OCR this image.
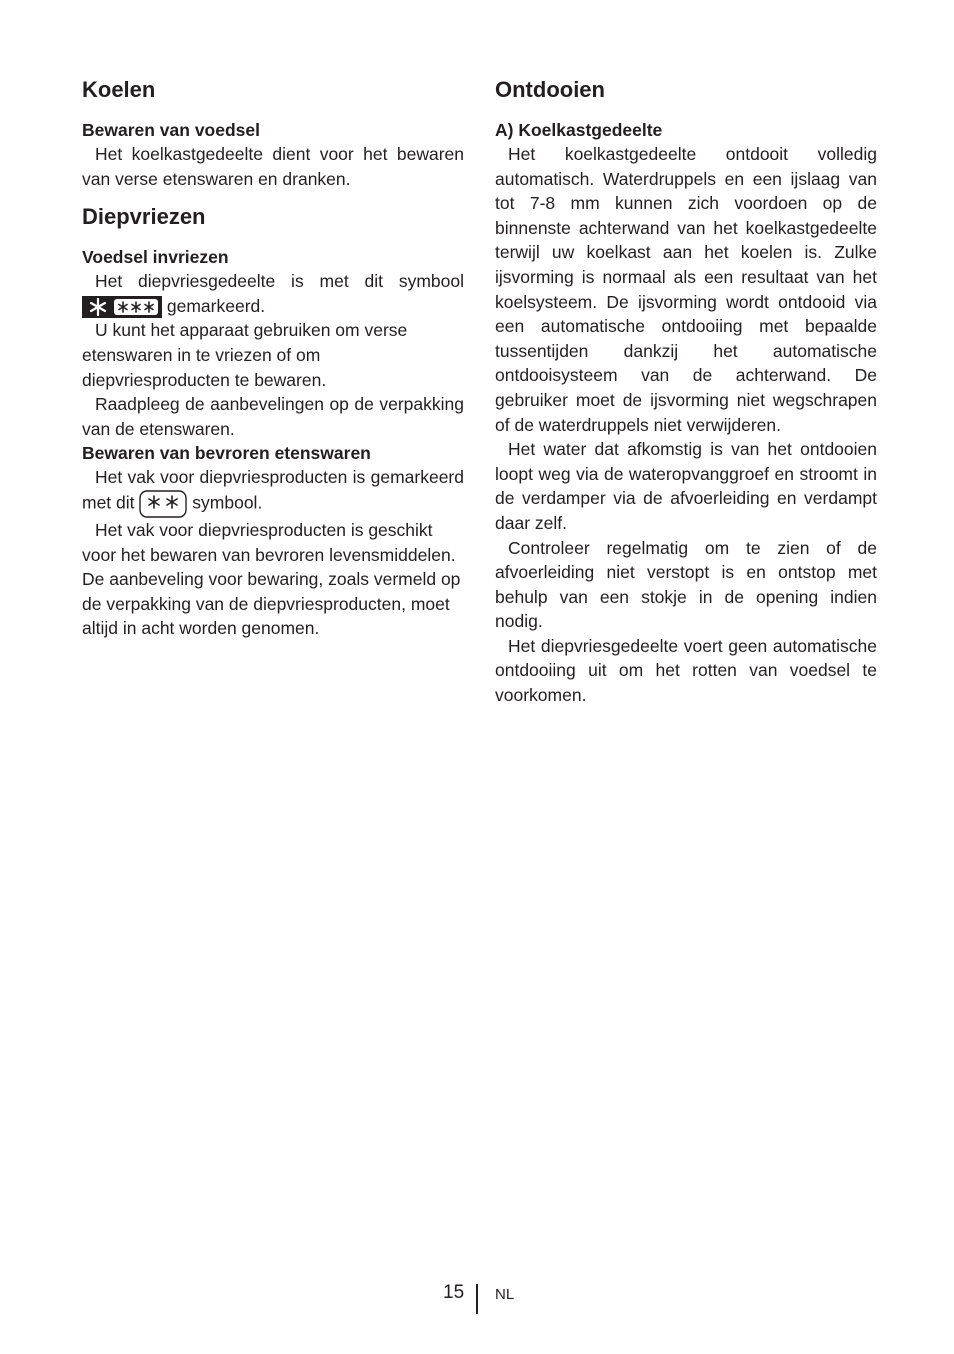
Koelen
Bewaren van voedsel

Het koelkastgedeelte dient voor het bewaren van verse etenswaren en dranken.

Diepvriezen
Voedsel invriezen

Het diepvriesgedeelte is met dit symbool
gemarkeerd.

U kunt het apparaat gebruiken om verse etenswaren in te vriezen of om diepvriesproducten te bewaren.

Raadpleeg de aanbevelingen op de verpakking van de etenswaren.

Bewaren van bevroren etenswaren

Het vak voor diepvriesproducten is gemarkeerd met dit	symbool.

Het vak voor diepvriesproducten is geschikt voor het bewaren van bevroren levensmiddelen. De aanbeveling voor bewaring, zoals vermeld op de verpakking van de diepvriesproducten, moet altijd in acht worden genomen.

Ontdooien
A) Koelkastgedeelte

Het koelkastgedeelte ontdooit volledig automatisch. Waterdruppels en een ijslaag van tot 7-8 mm kunnen zich voordoen op de binnenste achterwand van het koelkastgedeelte terwijl uw koelkast aan het koelen is. Zulke ijsvorming is normaal als een resultaat van het koelsysteem. De ijsvorming wordt ontdooid via een automatische ontdooiing met bepaalde tussentijden dankzij het automatische ontdooisysteem van de achterwand. De gebruiker moet de ijsvorming niet wegschrapen of de waterdruppels niet verwijderen.

Het water dat afkomstig is van het ontdooien loopt weg via de wateropvanggroef en stroomt in de verdamper via de afvoerleiding en verdampt daar zelf.

Controleer regelmatig om te zien of de afvoerleiding niet verstopt is en ontstop met behulp van een stokje in de opening indien nodig.

Het diepvriesgedeelte voert geen automatische ontdooiing uit om het rotten van voedsel te voorkomen.

15 NL
